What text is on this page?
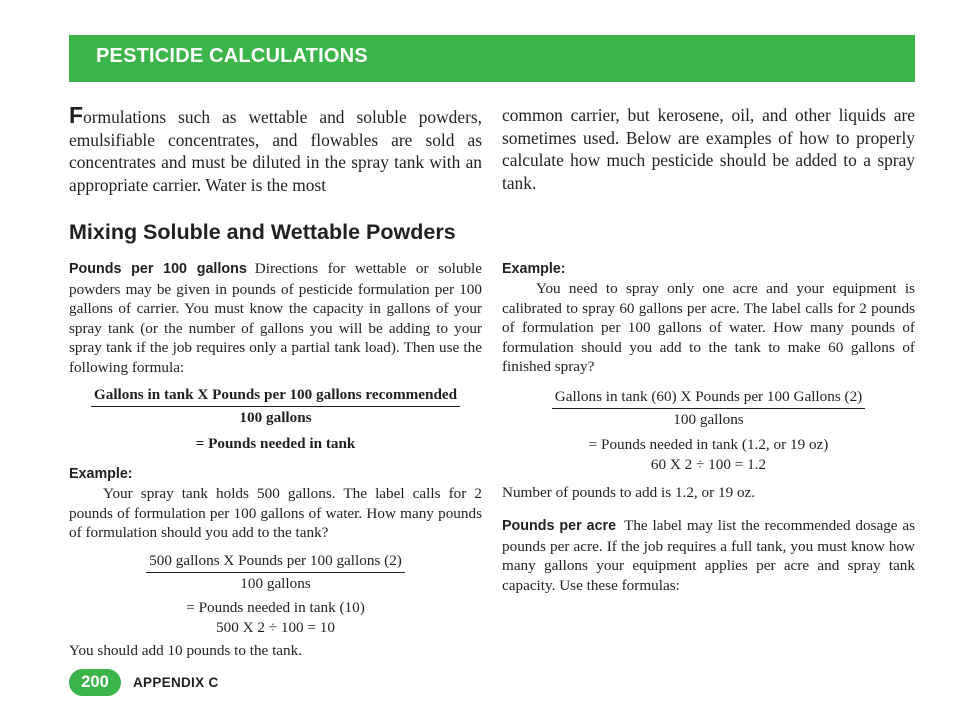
PESTICIDE CALCULATIONS

Formulations such as wettable and soluble powders, emulsifiable concentrates, and flowables are sold as concentrates and must be diluted in the spray tank with an appropriate carrier. Water is the most

common carrier, but kerosene, oil, and other liquids are sometimes used. Below are examples of how to properly calculate how much pesticide should be added to a spray tank.

Mixing Soluble and Wettable Powders

Pounds per 100 gallons Directions for wettable or soluble powders may be given in pounds of pesticide formulation per 100 gallons of carrier. You must know the capacity in gallons of your spray tank (or the number of gallons you will be adding to your spray tank if the job requires only a partial tank load). Then use the following formula:

$\frac{\text{Gallons in tank X Pounds per 100 gallons recommended}}{\text{100 gallons}}$
= Pounds needed in tank
Example:

Your spray tank holds 500 gallons. The label calls for 2 pounds of formulation per 100 gallons of water. How many pounds of formulation should you add to the tank?

$\frac{\text{500 gallons X Pounds per 100 gallons (2)}}{\text{100 gallons}}$
= Pounds needed in tank (10)
500 X 2 ÷ 100 = 10

You should add 10 pounds to the tank.

Example:

You need to spray only one acre and your equipment is calibrated to spray 60 gallons per acre. The label calls for 2 pounds of formulation per 100 gallons of water. How many pounds of formulation should you add to the tank to make 60 gallons of finished spray?

$\frac{\text{Gallons in tank (60) X Pounds per 100 Gallons (2)}}{\text{100 gallons}}$
= Pounds needed in tank (1.2, or 19 oz)
60 X 2 ÷ 100 = 1.2

Number of pounds to add is 1.2, or 19 oz.

Pounds per acre The label may list the recommended dosage as pounds per acre. If the job requires a full tank, you must know how many gallons your equipment applies per acre and spray tank capacity. Use these formulas:

200	APPENDIX C
